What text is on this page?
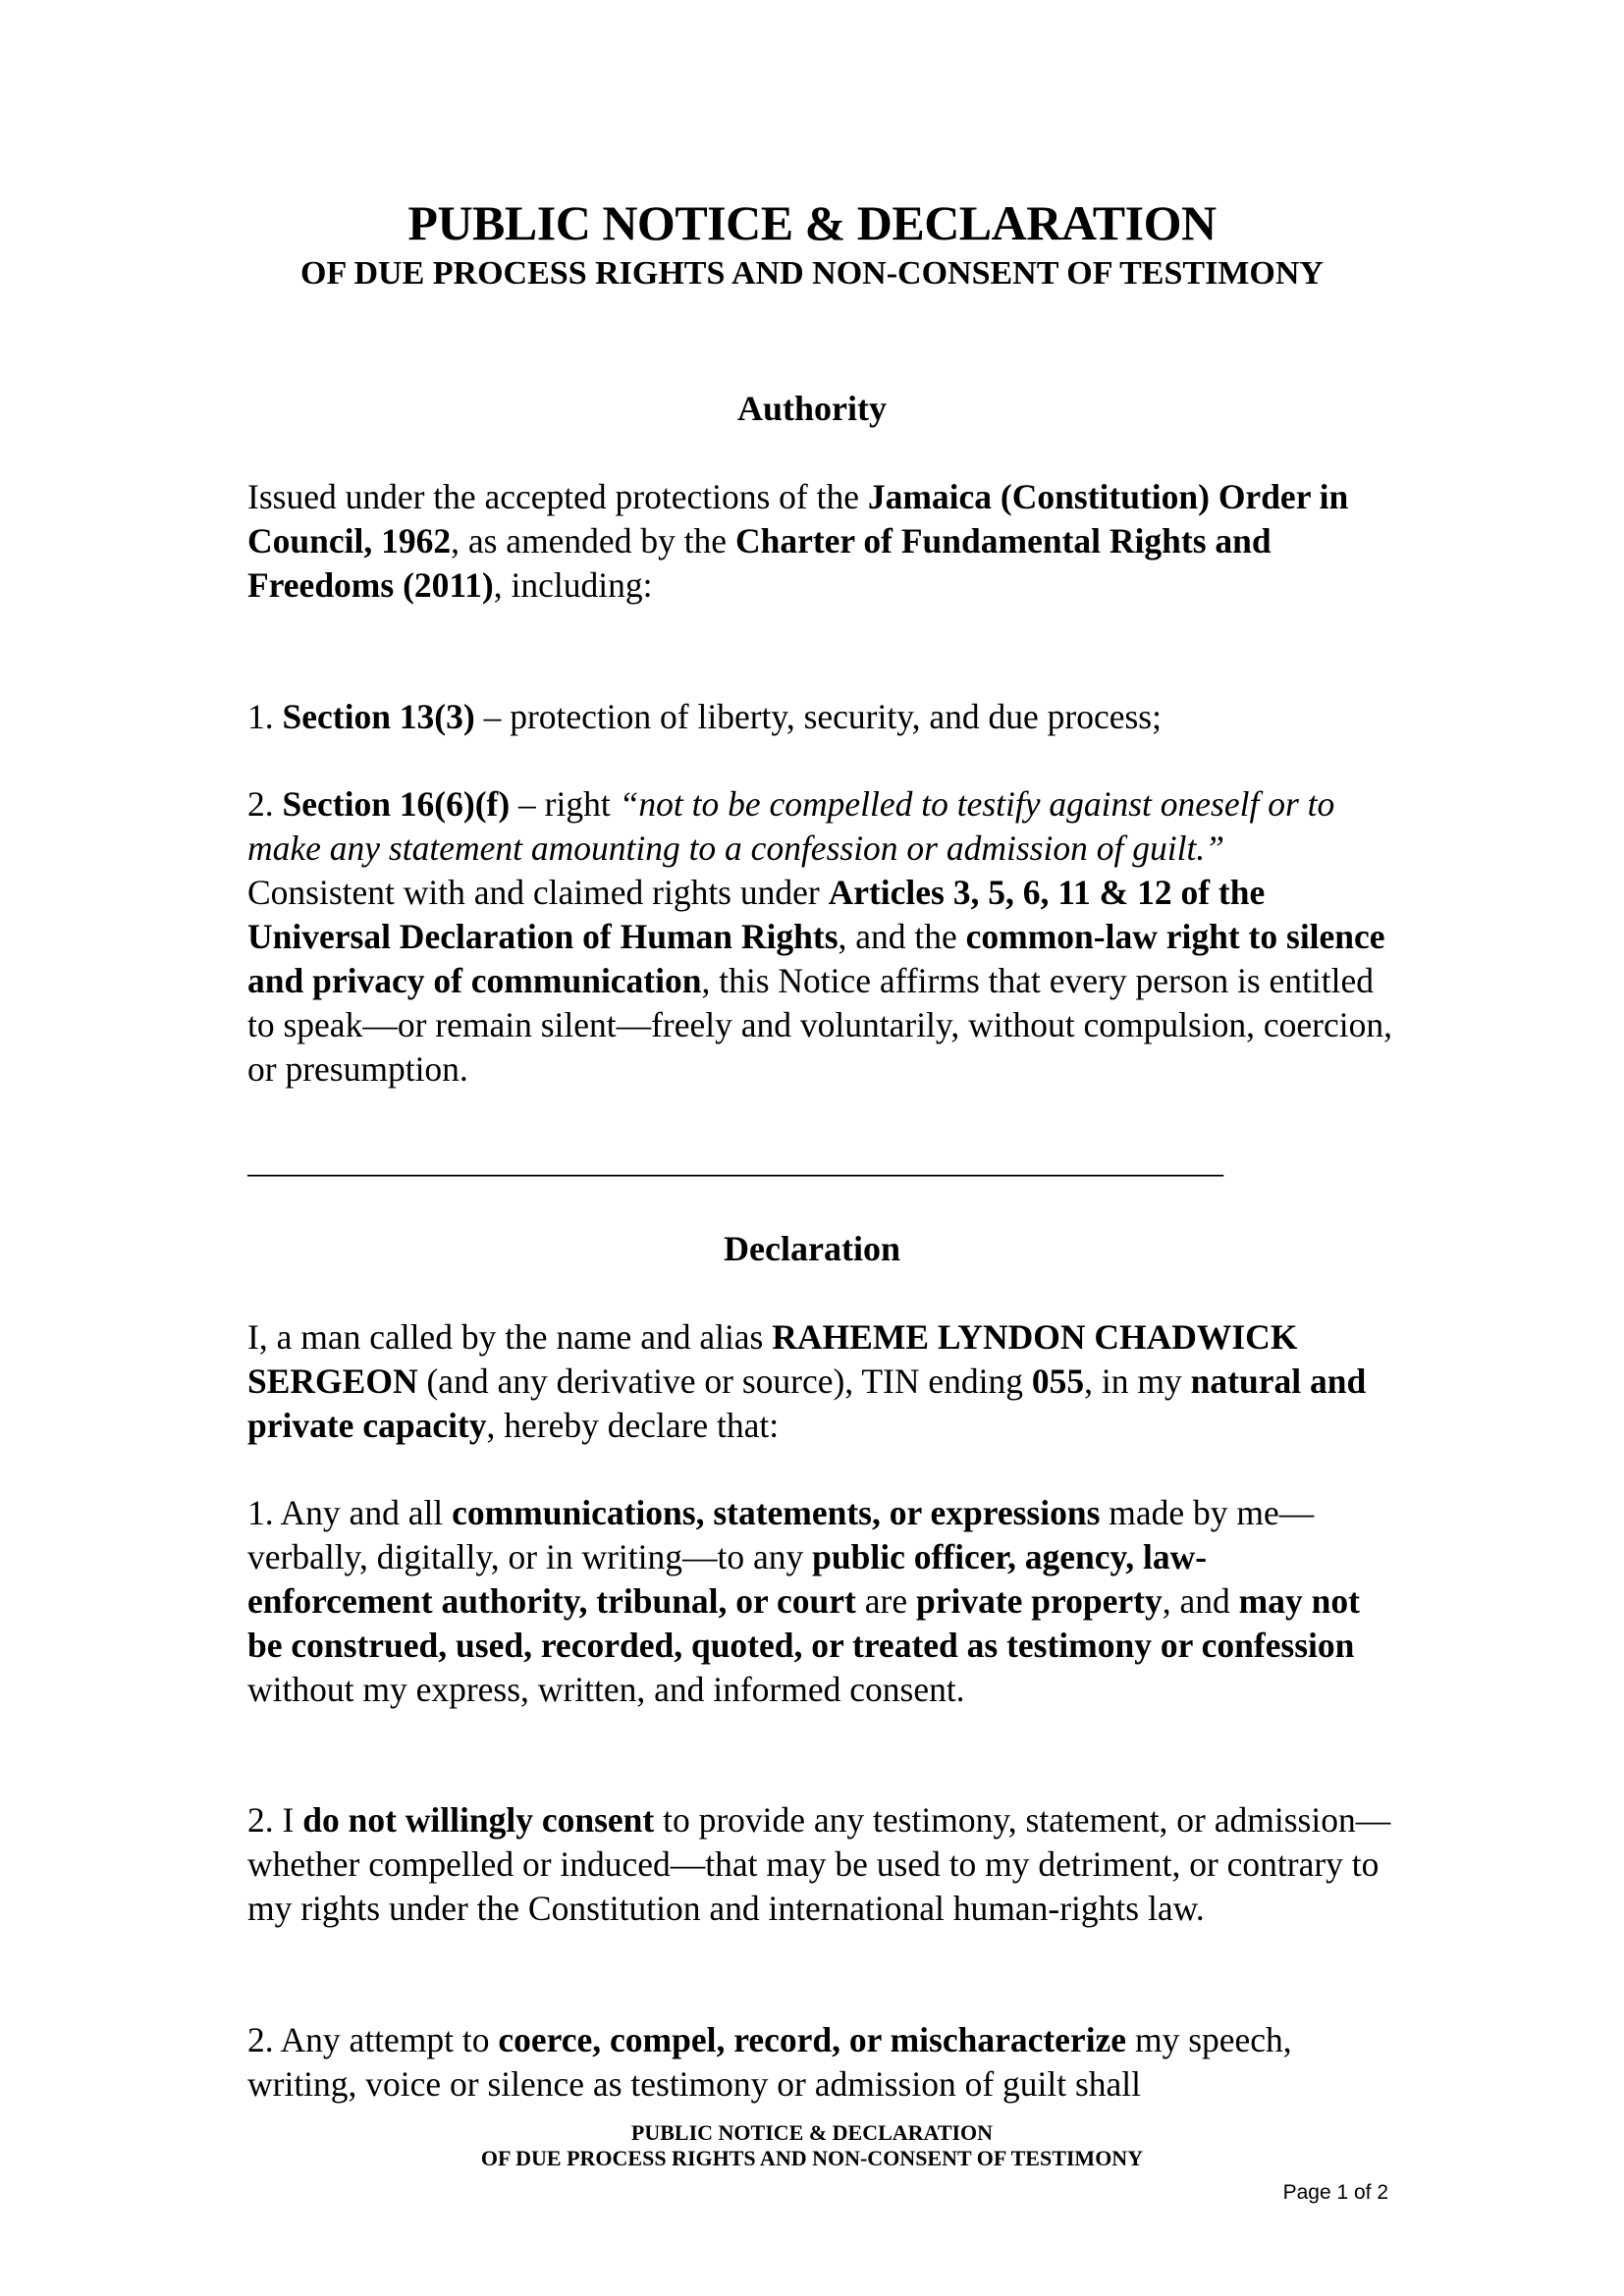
PUBLIC NOTICE & DECLARATION
OF DUE PROCESS RIGHTS AND NON-CONSENT OF TESTIMONY
Authority

Issued under the accepted protections of the Jamaica (Constitution) Order in Council, 1962, as amended by the Charter of Fundamental Rights and
Freedoms (2011), including:

1. Section 13(3) – protection of liberty, security, and due process;

2. Section 16(6)(f) – right “not to be compelled to testify against oneself or to make any statement amounting to a confession or admission of guilt.”
Consistent with and claimed rights under Articles 3, 5, 6, 11 & 12 of the Universal Declaration of Human Rights, and the common-law right to silence and privacy of communication, this Notice affirms that every person is entitled to speak—or remain silent—freely and voluntarily, without compulsion, coercion, or presumption.

________________________________________________________
Declaration

I, a man called by the name and alias RAHEME LYNDON CHADWICK SERGEON (and any derivative or source), TIN ending 055, in my natural and private capacity, hereby declare that:

1. Any and all communications, statements, or expressions made by me— verbally, digitally, or in writing—to any public officer, agency, law- enforcement authority, tribunal, or court are private property, and may not be construed, used, recorded, quoted, or treated as testimony or confession without my express, written, and informed consent.

2. I do not willingly consent to provide any testimony, statement, or admission—whether compelled or induced—that may be used to my detriment, or contrary to my rights under the Constitution and international human-rights law.

2. Any attempt to coerce, compel, record, or mischaracterize my speech, writing, voice or silence as testimony or admission of guilt shall

PUBLIC NOTICE & DECLARATION
OF DUE PROCESS RIGHTS AND NON-CONSENT OF TESTIMONY
Page 1 of 2
